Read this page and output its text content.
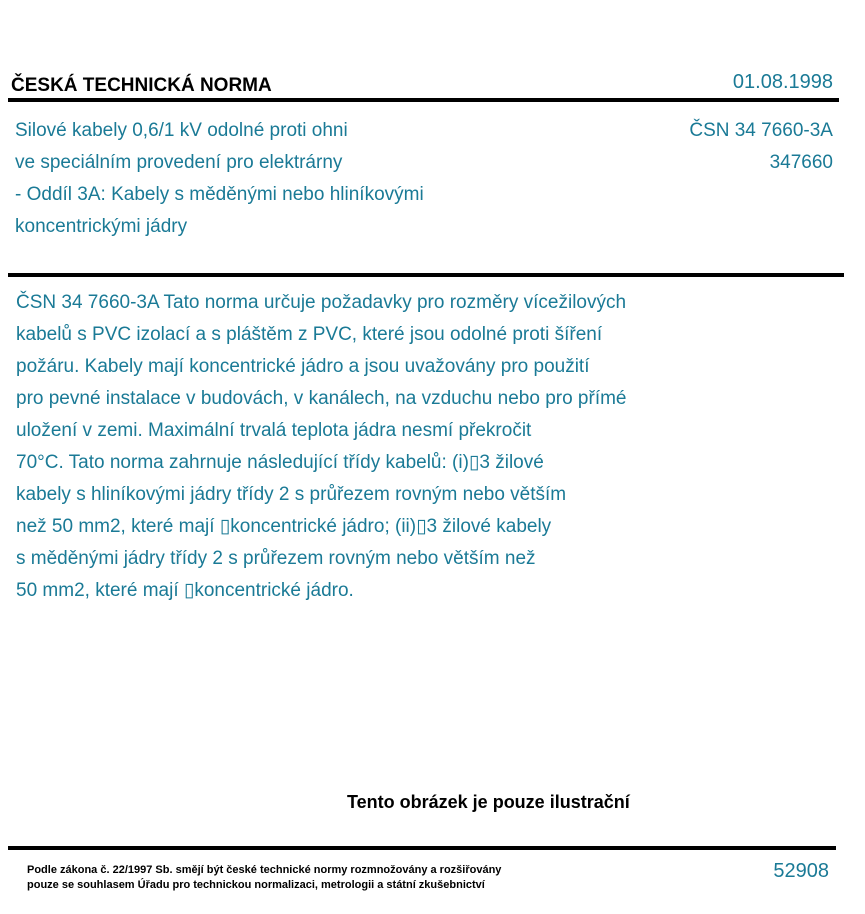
ČESKÁ TECHNICKÁ NORMA	01.08.1998
Silové kabely 0,6/1 kV odolné proti ohni
ve speciálním provedení pro elektrárny
- Oddíl 3A: Kabely s měděnými nebo hliníkovými
koncentrickými jádry
ČSN 34 7660-3A
347660
ČSN 34 7660-3A Tato norma určuje požadavky pro rozměry vícežilových
kabelů s PVC izolací a s pláštěm z PVC, které jsou odolné proti šíření
požáru. Kabely mají koncentrické jádro a jsou uvažovány pro použití
pro pevné instalace v budovách, v kanálech, na vzduchu nebo pro přímé
uložení v zemi. Maximální trvalá teplota jádra nesmí překročit
70°C. Tato norma zahrnuje následující třídy kabelů: (i)▯3 žilové
kabely s hliníkovými jádry třídy 2 s průřezem rovným nebo větším
než 50 mm2, které mají ▯koncentrické jádro; (ii)▯3 žilové kabely
s měděnými jádry třídy 2 s průřezem rovným nebo větším než
50 mm2, které mají ▯koncentrické jádro.
Tento obrázek je pouze ilustrační
Podle zákona č. 22/1997 Sb. smějí být české technické normy rozmnožovány a rozšiřovány
pouze se souhlasem Úřadu pro technickou normalizaci, metrologii a státní zkušebnictví
52908
